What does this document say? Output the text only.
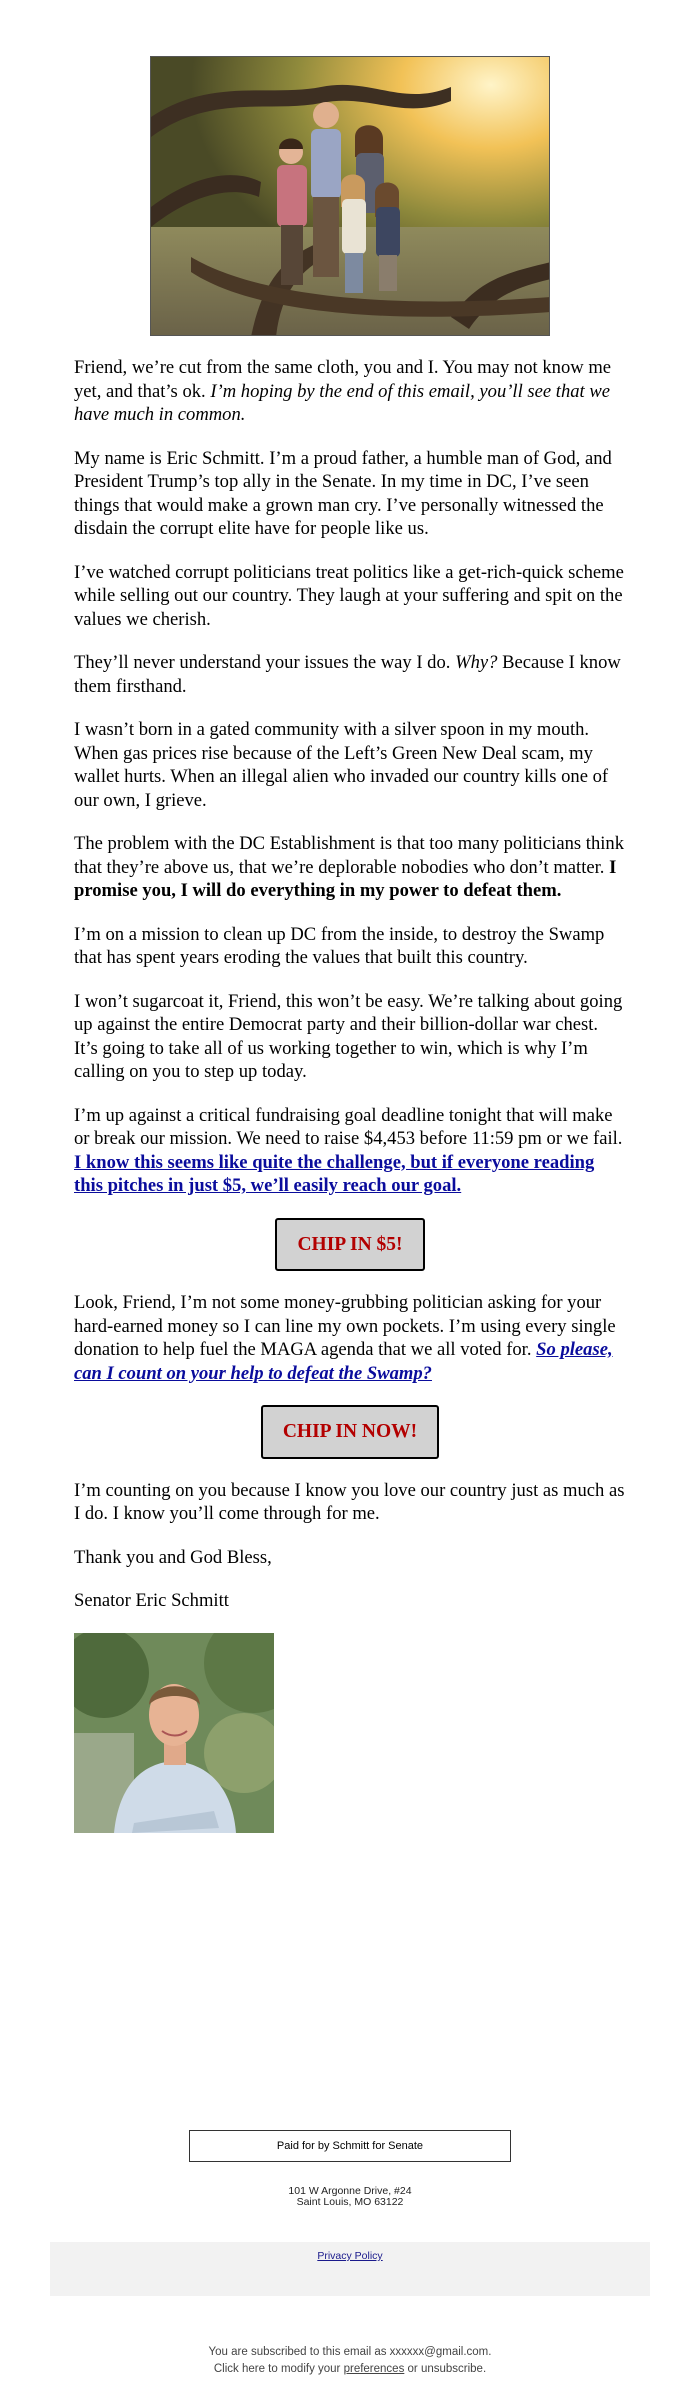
Friend, we’re cut from the same cloth, you and I. You may not know me yet, and that’s ok. I’m hoping by the end of this email, you’ll see that we have much in common.

My name is Eric Schmitt. I’m a proud father, a humble man of God, and President Trump’s top ally in the Senate. In my time in DC, I’ve seen things that would make a grown man cry. I’ve personally witnessed the disdain the corrupt elite have for people like us.

I’ve watched corrupt politicians treat politics like a get-rich-quick scheme while selling out our country. They laugh at your suffering and spit on the values we cherish.

They’ll never understand your issues the way I do. Why? Because I know them firsthand.

I wasn’t born in a gated community with a silver spoon in my mouth. When gas prices rise because of the Left’s Green New Deal scam, my wallet hurts. When an illegal alien who invaded our country kills one of our own, I grieve.

The problem with the DC Establishment is that too many politicians think that they’re above us, that we’re deplorable nobodies who don’t matter. I promise you, I will do everything in my power to defeat them.

I’m on a mission to clean up DC from the inside, to destroy the Swamp that has spent years eroding the values that built this country.

I won’t sugarcoat it, Friend, this won’t be easy. We’re talking about going up against the entire Democrat party and their billion-dollar war chest. It’s going to take all of us working together to win, which is why I’m calling on you to step up today.

I’m up against a critical fundraising goal deadline tonight that will make or break our mission. We need to raise $4,453 before 11:59 pm or we fail. I know this seems like quite the challenge, but if everyone reading this pitches in just $5, we’ll easily reach our goal.

CHIP IN $5!

Look, Friend, I’m not some money-grubbing politician asking for your hard-earned money so I can line my own pockets. I’m using every single donation to help fuel the MAGA agenda that we all voted for. So please, can I count on your help to defeat the Swamp?

CHIP IN NOW!

I’m counting on you because I know you love our country just as much as I do. I know you’ll come through for me.

Thank you and God Bless,

Senator Eric Schmitt

Paid for by Schmitt for Senate
101 W Argonne Drive, #24
Saint Louis, MO 63122
Privacy Policy
You are subscribed to this email as xxxxxx@gmail.com.
Click here to modify your preferences or unsubscribe.
